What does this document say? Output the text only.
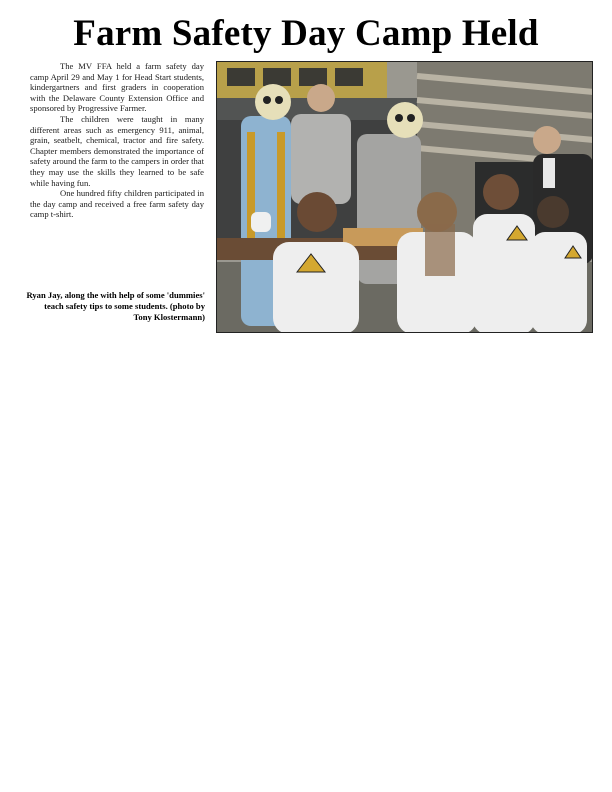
Farm Safety Day Camp Held

The MV FFA held a farm safety day camp April 29 and May 1 for Head Start students, kindergartners and first graders in cooperation with the Delaware County Extension Office and sponsored by Progressive Farmer.

The children were taught in many different areas such as emergency 911, animal, grain, seatbelt, chemical, tractor and fire safety. Chapter members demonstrated the importance of safety around the farm to the campers in order that they may use the skills they learned to be safe while having fun.

One hundred fifty children participated in the day camp and received a free farm safety day camp t-shirt.

Ryan Jay, along the with help of some 'dummies' teach safety tips to some students. (photo by Tony Klostermann)
